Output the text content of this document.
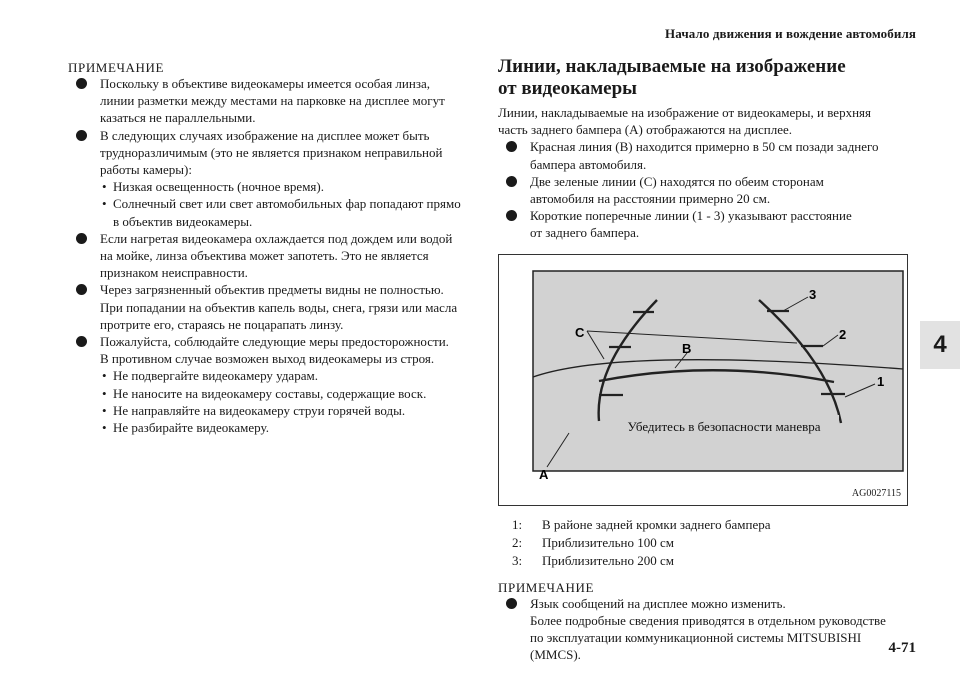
Начало движения и вождение автомобиля
4
4-71
ПРИМЕЧАНИЕ
Поскольку в объективе видеокамеры имеется особая линза,
линии разметки между местами на парковке на дисплее могут
казаться не параллельными.
В следующих случаях изображение на дисплее может быть
трудноразличимым (это не является признаком неправильной
работы камеры):
• Низкая освещенность (ночное время).
• Солнечный свет или свет автомобильных фар попадают прямо
в объектив видеокамеры.
Если нагретая видеокамера охлаждается под дождем или водой
на мойке, линза объектива может запотеть. Это не является
признаком неисправности.
Через загрязненный объектив предметы видны не полностью.
При попадании на объектив капель воды, снега, грязи или масла
протрите его, стараясь не поцарапать линзу.
Пожалуйста, соблюдайте следующие меры предосторожности.
В противном случае возможен выход видеокамеры из строя.
• Не подвергайте видеокамеру ударам.
• Не наносите на видеокамеру составы, содержащие воск.
• Не направляйте на видеокамеру струи горячей воды.
• Не разбирайте видеокамеру.
Линии, накладываемые на изображение
от видеокамеры
Линии, накладываемые на изображение от видеокамеры, и верхняя
часть заднего бампера (A) отображаются на дисплее.
Красная линия (B) находится примерно в 50 см позади заднего
бампера автомобиля.
Две зеленые линии (C) находятся по обеим сторонам
автомобиля на расстоянии примерно 20 см.
Короткие поперечные линии (1 - 3) указывают расстояние
от заднего бампера.
Убедитесь в безопасности маневра
C
B
3
2
1
A
AG0027115
1:	В районе задней кромки заднего бампера
2:	Приблизительно 100 см
3:	Приблизительно 200 см
ПРИМЕЧАНИЕ
Язык сообщений на дисплее можно изменить.
Более подробные сведения приводятся в отдельном руководстве
по эксплуатации коммуникационной системы MITSUBISHI
(MMCS).
